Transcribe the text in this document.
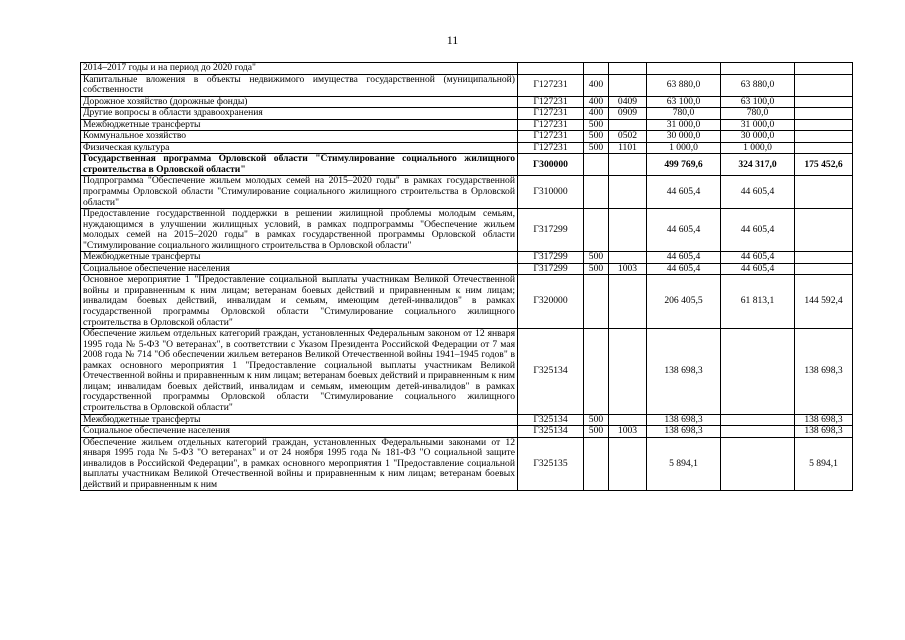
11
2014–2017 годы и на период до 2020 года"						
Капитальные вложения в объекты недвижимого имущества государственной (муниципальной) собственности	Г127231	400		63 880,0	63 880,0	
Дорожное хозяйство (дорожные фонды)	Г127231	400	0409	63 100,0	63 100,0	
Другие вопросы в области здравоохранения	Г127231	400	0909	780,0	780,0	
Межбюджетные трансферты	Г127231	500		31 000,0	31 000,0	
Коммунальное хозяйство	Г127231	500	0502	30 000,0	30 000,0	
Физическая культура	Г127231	500	1101	1 000,0	1 000,0	
Государственная программа Орловской области "Стимулирование социального жилищного строительства в Орловской области"	Г300000			499 769,6	324 317,0	175 452,6
Подпрограмма "Обеспечение жильем молодых семей на 2015–2020 годы" в рамках государственной программы Орловской области "Стимулирование социального жилищного строительства в Орловской области"	Г310000			44 605,4	44 605,4	
Предоставление государственной поддержки в решении жилищной проблемы молодым семьям, нуждающимся в улучшении жилищных условий, в рамках подпрограммы "Обеспечение жильем молодых семей на 2015–2020 годы" в рамках государственной программы Орловской области "Стимулирование социального жилищного строительства в Орловской области"	Г317299			44 605,4	44 605,4	
Межбюджетные трансферты	Г317299	500		44 605,4	44 605,4	
Социальное обеспечение населения	Г317299	500	1003	44 605,4	44 605,4	
Основное мероприятие 1 "Предоставление социальной выплаты участникам Великой Отечественной войны и приравненным к ним лицам; ветеранам боевых действий и приравненным к ним лицам; инвалидам боевых действий, инвалидам и семьям, имеющим детей-инвалидов" в рамках государственной программы Орловской области "Стимулирование социального жилищного строительства в Орловской области"	Г320000			206 405,5	61 813,1	144 592,4
Обеспечение жильем отдельных категорий граждан, установленных Федеральным законом от 12 января 1995 года № 5-ФЗ "О ветеранах", в соответствии с Указом Президента Российской Федерации от 7 мая 2008 года № 714 "Об обеспечении жильем ветеранов Великой Отечественной войны 1941–1945 годов" в рамках основного мероприятия 1 "Предоставление социальной выплаты участникам Великой Отечественной войны и приравненным к ним лицам; ветеранам боевых действий и приравненным к ним лицам; инвалидам боевых действий, инвалидам и семьям, имеющим детей-инвалидов" в рамках государственной программы Орловской области "Стимулирование социального жилищного строительства в Орловской области"	Г325134			138 698,3		138 698,3
Межбюджетные трансферты	Г325134	500		138 698,3		138 698,3
Социальное обеспечение населения	Г325134	500	1003	138 698,3		138 698,3
Обеспечение жильем отдельных категорий граждан, установленных Федеральными законами от 12 января 1995 года № 5-ФЗ "О ветеранах" и от 24 ноября 1995 года № 181-ФЗ "О социальной защите инвалидов в Российской Федерации", в рамках основного мероприятия 1 "Предоставление социальной выплаты участникам Великой Отечественной войны и приравненным к ним лицам; ветеранам боевых действий и приравненным к ним	Г325135			5 894,1		5 894,1
